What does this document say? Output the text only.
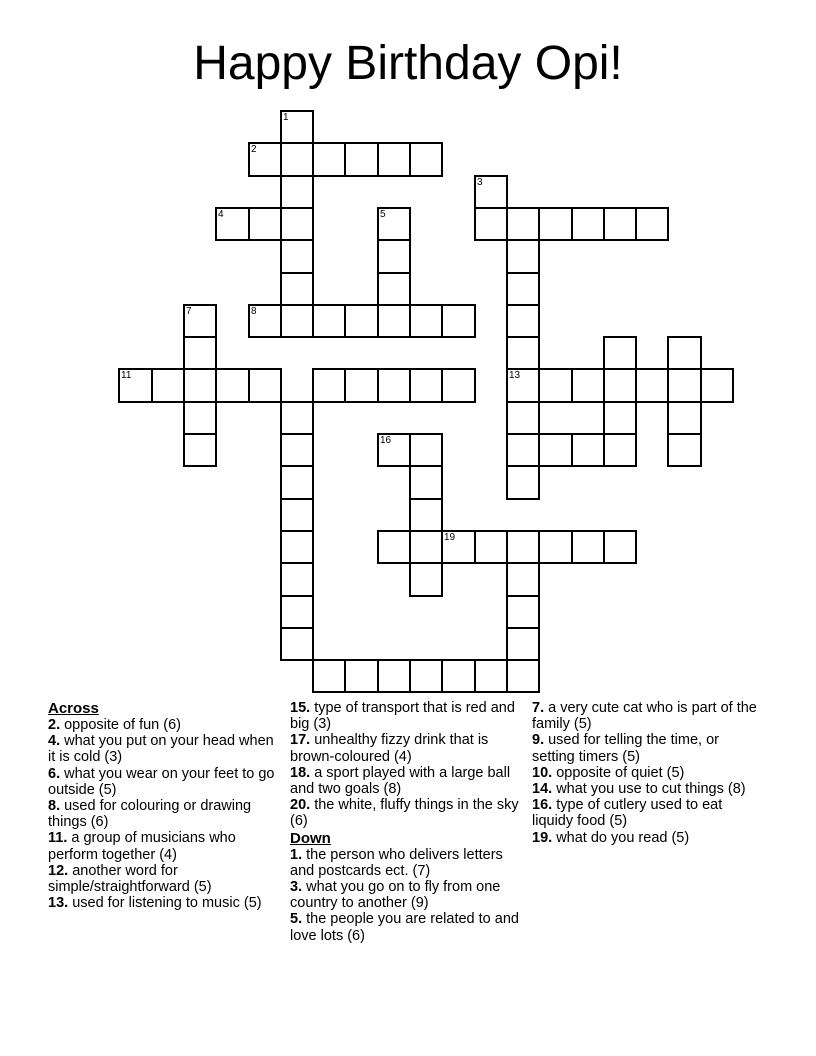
Happy Birthday Opi!
1
2
3
4	5
7	8
11	13
16
19
Across
2. opposite of fun (6)
4. what you put on your head when it is cold (3)
6. what you wear on your feet to go outside (5)
8. used for colouring or drawing things (6)
11. a group of musicians who perform together (4)
12. another word for simple/straightforward (5)
13. used for listening to music (5)
15. type of transport that is red and big (3)
17. unhealthy fizzy drink that is brown-coloured (4)
18. a sport played with a large ball and two goals (8)
20. the white, fluffy things in the sky (6)
Down
1. the person who delivers letters and postcards ect. (7)
3. what you go on to fly from one country to another (9)
5. the people you are related to and love lots (6)
7. a very cute cat who is part of the family (5)
9. used for telling the time, or setting timers (5)
10. opposite of quiet (5)
14. what you use to cut things (8)
16. type of cutlery used to eat liquidy food (5)
19. what do you read (5)
